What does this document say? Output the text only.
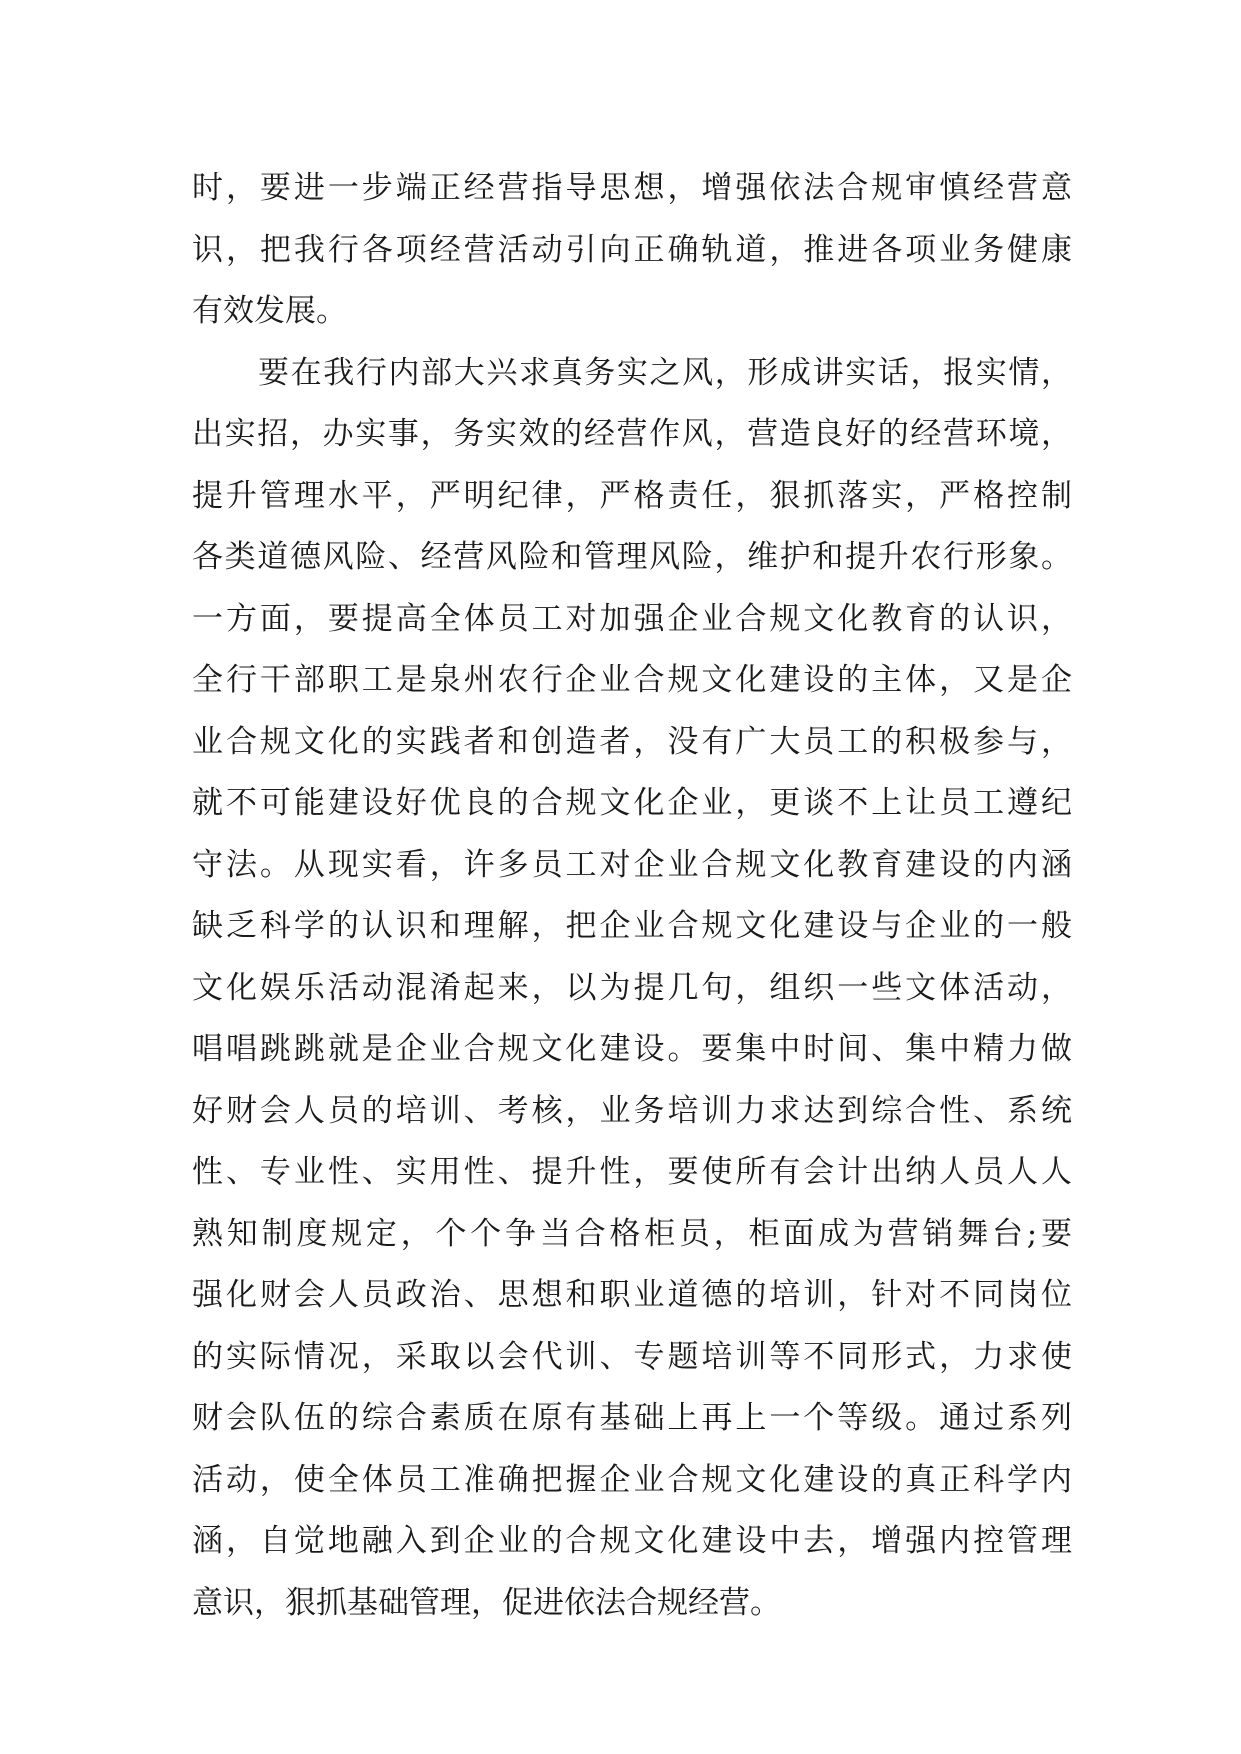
时，要进一步端正经营指导思想，增强依法合规审慎经营意
识，把我行各项经营活动引向正确轨道，推进各项业务健康
有效发展。
要在我行内部大兴求真务实之风，形成讲实话，报实情，
出实招，办实事，务实效的经营作风，营造良好的经营环境，
提升管理水平，严明纪律，严格责任，狠抓落实，严格控制
各类道德风险、经营风险和管理风险，维护和提升农行形象。
一方面，要提高全体员工对加强企业合规文化教育的认识，
全行干部职工是泉州农行企业合规文化建设的主体，又是企
业合规文化的实践者和创造者，没有广大员工的积极参与，
就不可能建设好优良的合规文化企业，更谈不上让员工遵纪
守法。从现实看，许多员工对企业合规文化教育建设的内涵
缺乏科学的认识和理解，把企业合规文化建设与企业的一般
文化娱乐活动混淆起来，以为提几句，组织一些文体活动，
唱唱跳跳就是企业合规文化建设。要集中时间、集中精力做
好财会人员的培训、考核，业务培训力求达到综合性、系统
性、专业性、实用性、提升性，要使所有会计出纳人员人人
熟知制度规定，个个争当合格柜员，柜面成为营销舞台;要
强化财会人员政治、思想和职业道德的培训，针对不同岗位
的实际情况，采取以会代训、专题培训等不同形式，力求使
财会队伍的综合素质在原有基础上再上一个等级。通过系列
活动，使全体员工准确把握企业合规文化建设的真正科学内
涵，自觉地融入到企业的合规文化建设中去，增强内控管理
意识，狠抓基础管理，促进依法合规经营。
